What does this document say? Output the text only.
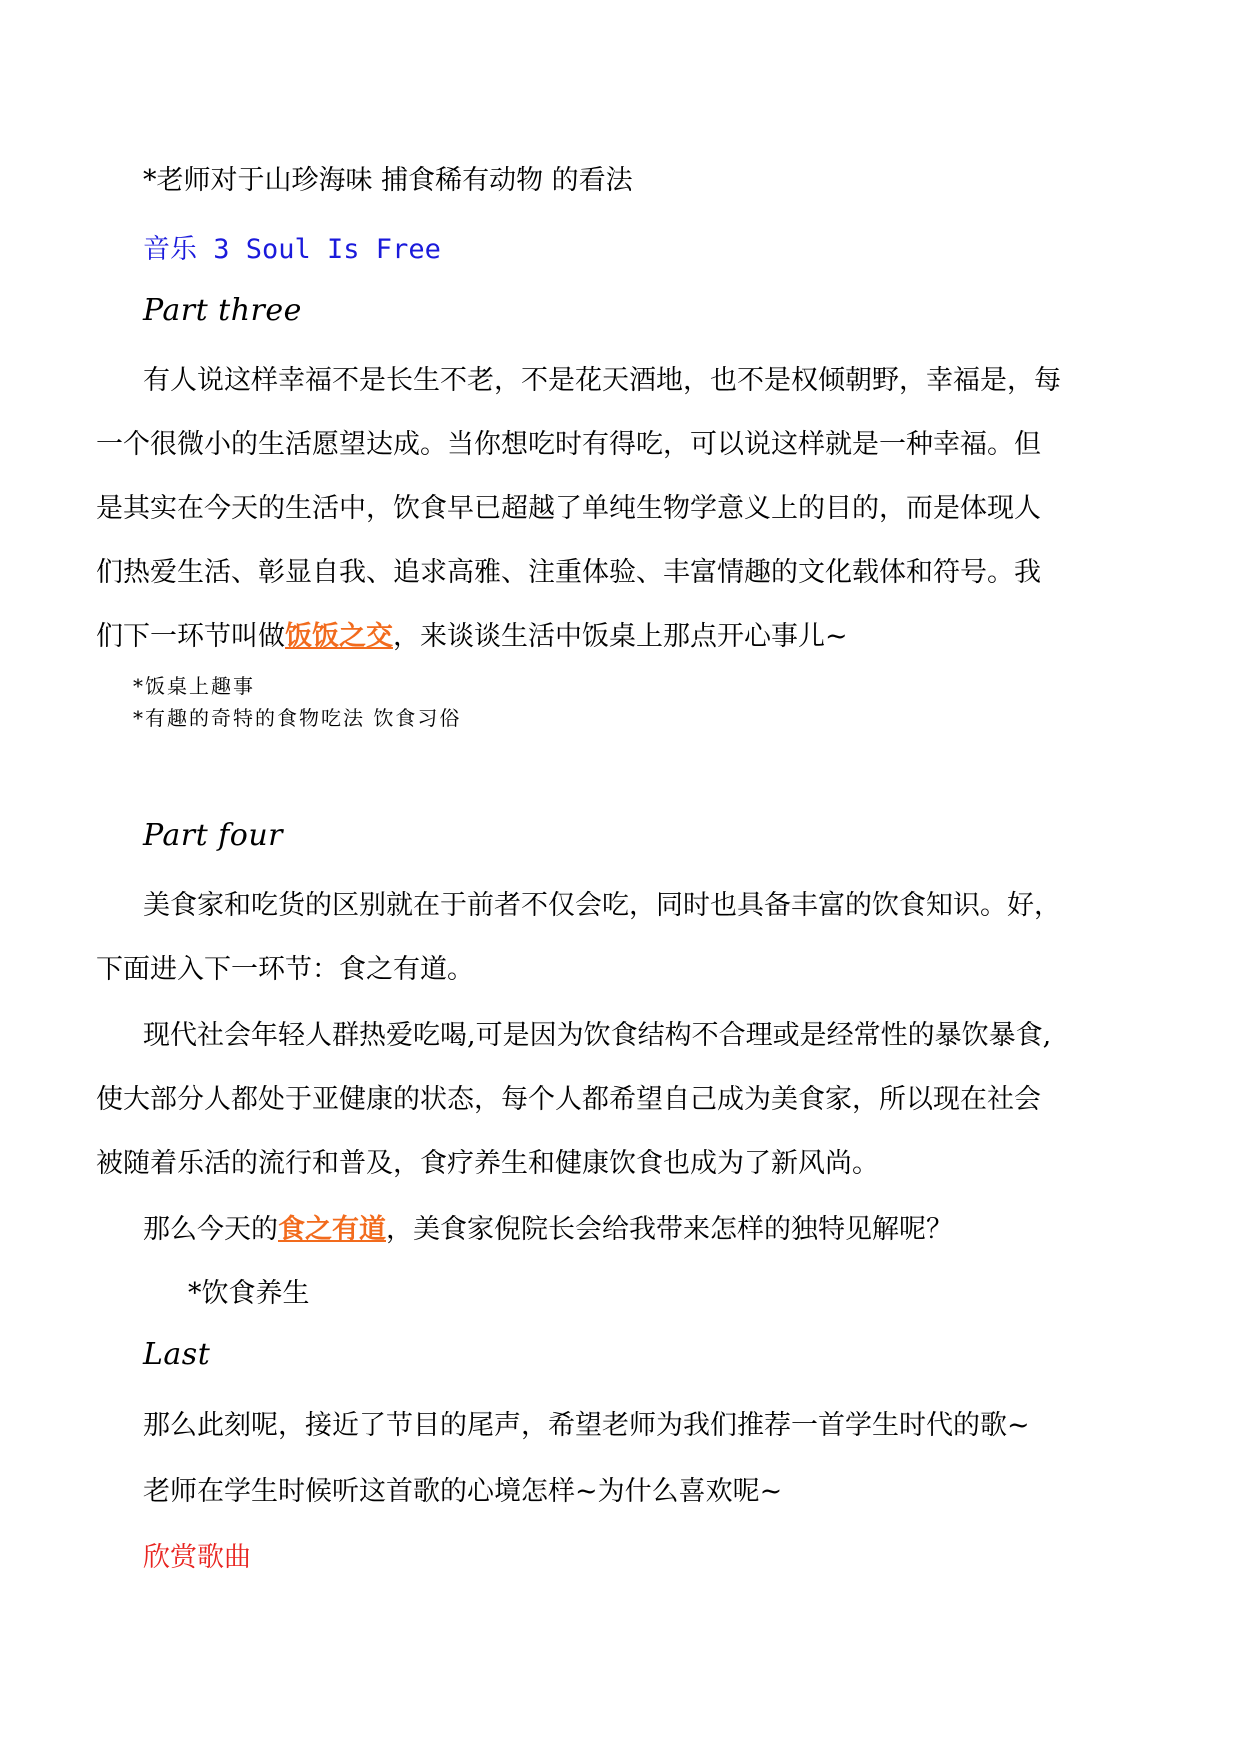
*老师对于山珍海味 捕食稀有动物 的看法
音乐 3 Soul Is Free
Part three
有人说这样幸福不是长生不老，不是花天酒地，也不是权倾朝野，幸福是，每
一个很微小的生活愿望达成。当你想吃时有得吃，可以说这样就是一种幸福。但
是其实在今天的生活中，饮食早已超越了单纯生物学意义上的目的，而是体现人
们热爱生活、彰显自我、追求高雅、注重体验、丰富情趣的文化载体和符号。我
们下一环节叫做饭饭之交，来谈谈生活中饭桌上那点开心事儿~
*饭桌上趣事
*有趣的奇特的食物吃法 饮食习俗
Part four
美食家和吃货的区别就在于前者不仅会吃，同时也具备丰富的饮食知识。好，
下面进入下一环节：食之有道。
现代社会年轻人群热爱吃喝,可是因为饮食结构不合理或是经常性的暴饮暴食,
使大部分人都处于亚健康的状态，每个人都希望自己成为美食家，所以现在社会
被随着乐活的流行和普及，食疗养生和健康饮食也成为了新风尚。
那么今天的食之有道，美食家倪院长会给我带来怎样的独特见解呢？
*饮食养生
Last
那么此刻呢，接近了节目的尾声，希望老师为我们推荐一首学生时代的歌~
老师在学生时候听这首歌的心境怎样~为什么喜欢呢~
欣赏歌曲
